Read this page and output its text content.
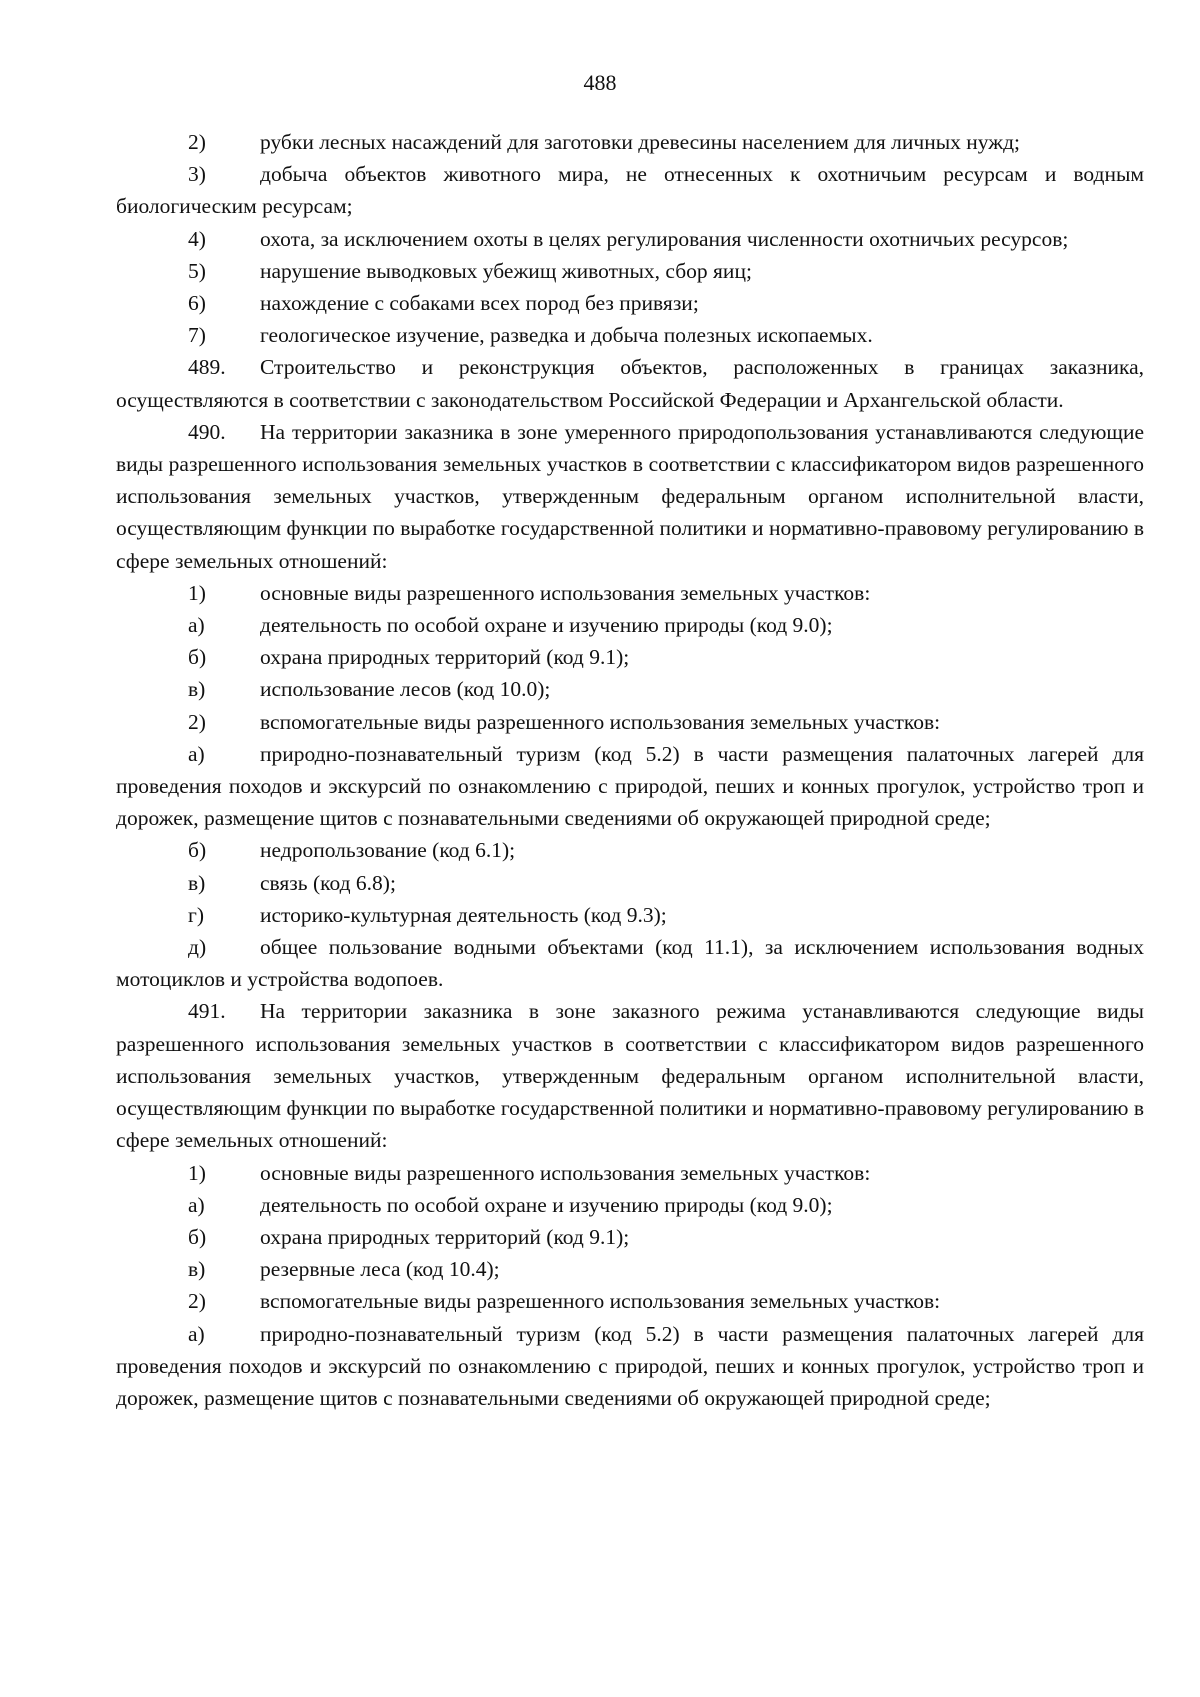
488

2)	рубки лесных насаждений для заготовки древесины населением для личных нужд;

3)	добыча объектов животного мира, не отнесенных к охотничьим ресурсам и водным биологическим ресурсам;

4)	охота, за исключением охоты в целях регулирования численности охотничьих ресурсов;

5)	нарушение выводковых убежищ животных, сбор яиц;

6)	нахождение с собаками всех пород без привязи;

7)	геологическое изучение, разведка и добыча полезных ископаемых.

489. Строительство и реконструкция объектов, расположенных в границах заказника, осуществляются в соответствии с законодательством Российской Федерации и Архангельской области.

490. На территории заказника в зоне умеренного природопользования устанавливаются следующие виды разрешенного использования земельных участков в соответствии с классификатором видов разрешенного использования земельных участков, утвержденным федеральным органом исполнительной власти, осуществляющим функции по выработке государственной политики и нормативно-правовому регулированию в сфере земельных отношений:

1)	основные виды разрешенного использования земельных участков:

а)	деятельность по особой охране и изучению природы (код 9.0);

б)	охрана природных территорий (код 9.1);

в)	использование лесов (код 10.0);

2)	вспомогательные виды разрешенного использования земельных участков:

а)	природно-познавательный туризм (код 5.2) в части размещения палаточных лагерей для проведения походов и экскурсий по ознакомлению с природой, пеших и конных прогулок, устройство троп и дорожек, размещение щитов с познавательными сведениями об окружающей природной среде;

б)	недропользование (код 6.1);

в)	связь (код 6.8);

г)	историко-культурная деятельность (код 9.3);

д)	общее пользование водными объектами (код 11.1), за исключением использования водных мотоциклов и устройства водопоев.

491. На территории заказника в зоне заказного режима устанавливаются следующие виды разрешенного использования земельных участков в соответствии с классификатором видов разрешенного использования земельных участков, утвержденным федеральным органом исполнительной власти, осуществляющим функции по выработке государственной политики и нормативно-правовому регулированию в сфере земельных отношений:

1)	основные виды разрешенного использования земельных участков:

а)	деятельность по особой охране и изучению природы (код 9.0);

б)	охрана природных территорий (код 9.1);

в)	резервные леса (код 10.4);

2)	вспомогательные виды разрешенного использования земельных участков:

а)	природно-познавательный туризм (код 5.2) в части размещения палаточных лагерей для проведения походов и экскурсий по ознакомлению с природой, пеших и конных прогулок, устройство троп и дорожек, размещение щитов с познавательными сведениями об окружающей природной среде;
